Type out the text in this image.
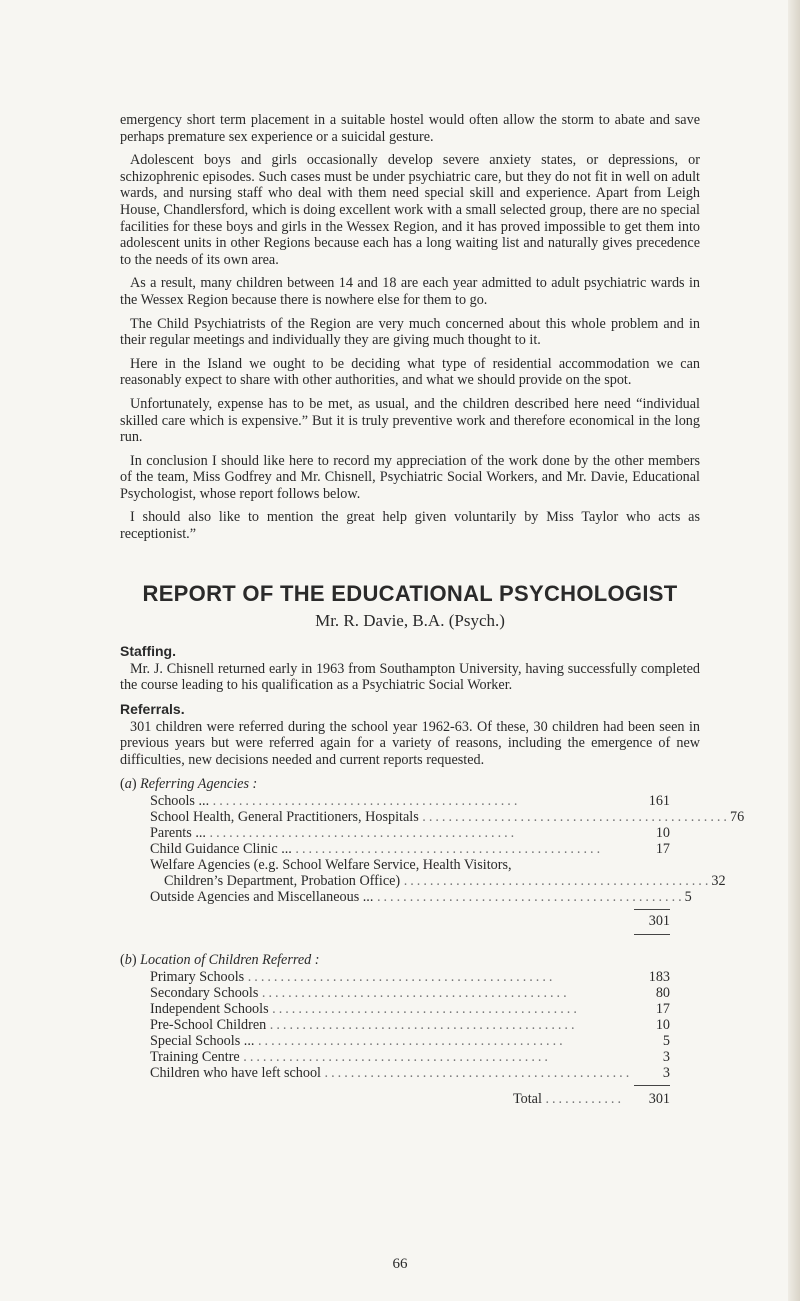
emergency short term placement in a suitable hostel would often allow the storm to abate and save perhaps premature sex experience or a suicidal gesture.

Adolescent boys and girls occasionally develop severe anxiety states, or depressions, or schizophrenic episodes. Such cases must be under psychiatric care, but they do not fit in well on adult wards, and nursing staff who deal with them need special skill and experience. Apart from Leigh House, Chandlersford, which is doing excellent work with a small selected group, there are no special facilities for these boys and girls in the Wessex Region, and it has proved impossible to get them into adolescent units in other Regions because each has a long waiting list and naturally gives precedence to the needs of its own area.

As a result, many children between 14 and 18 are each year admitted to adult psychiatric wards in the Wessex Region because there is nowhere else for them to go.

The Child Psychiatrists of the Region are very much concerned about this whole problem and in their regular meetings and individually they are giving much thought to it.

Here in the Island we ought to be deciding what type of residential accommodation we can reasonably expect to share with other authorities, and what we should provide on the spot.

Unfortunately, expense has to be met, as usual, and the children described here need “individual skilled care which is expensive.” But it is truly preventive work and therefore economical in the long run.

In conclusion I should like here to record my appreciation of the work done by the other members of the team, Miss Godfrey and Mr. Chisnell, Psychiatric Social Workers, and Mr. Davie, Educational Psychologist, whose report follows below.

I should also like to mention the great help given voluntarily by Miss Taylor who acts as receptionist.”

REPORT OF THE EDUCATIONAL PSYCHOLOGIST
Mr. R. Davie, B.A. (Psych.)
Staffing.

Mr. J. Chisnell returned early in 1963 from Southampton University, having successfully completed the course leading to his qualification as a Psychiatric Social Worker.

Referrals.

301 children were referred during the school year 1962-63. Of these, 30 children had been seen in previous years but were referred again for a variety of reasons, including the emergence of new difficulties, new decisions needed and current reports requested.

(a) Referring Agencies :
Schools ... ...............................................	161
School Health, General Practitioners, Hospitals ............................................... 76
Parents ... ...............................................	10
Child Guidance Clinic ... ...............................................	17
Welfare Agencies (e.g. School Welfare Service, Health Visitors,
Children’s Department, Probation Office) ............................................... 32
Outside Agencies and Miscellaneous ... ............................................... 5
301
(b) Location of Children Referred :
Primary Schools ...............................................	183
Secondary Schools ...............................................	80
Independent Schools ...............................................	17
Pre-School Children ...............................................	10
Special Schools ... ...............................................	5
Training Centre ...............................................	3
Children who have left school ...............................................	3
Total ............	301
66
